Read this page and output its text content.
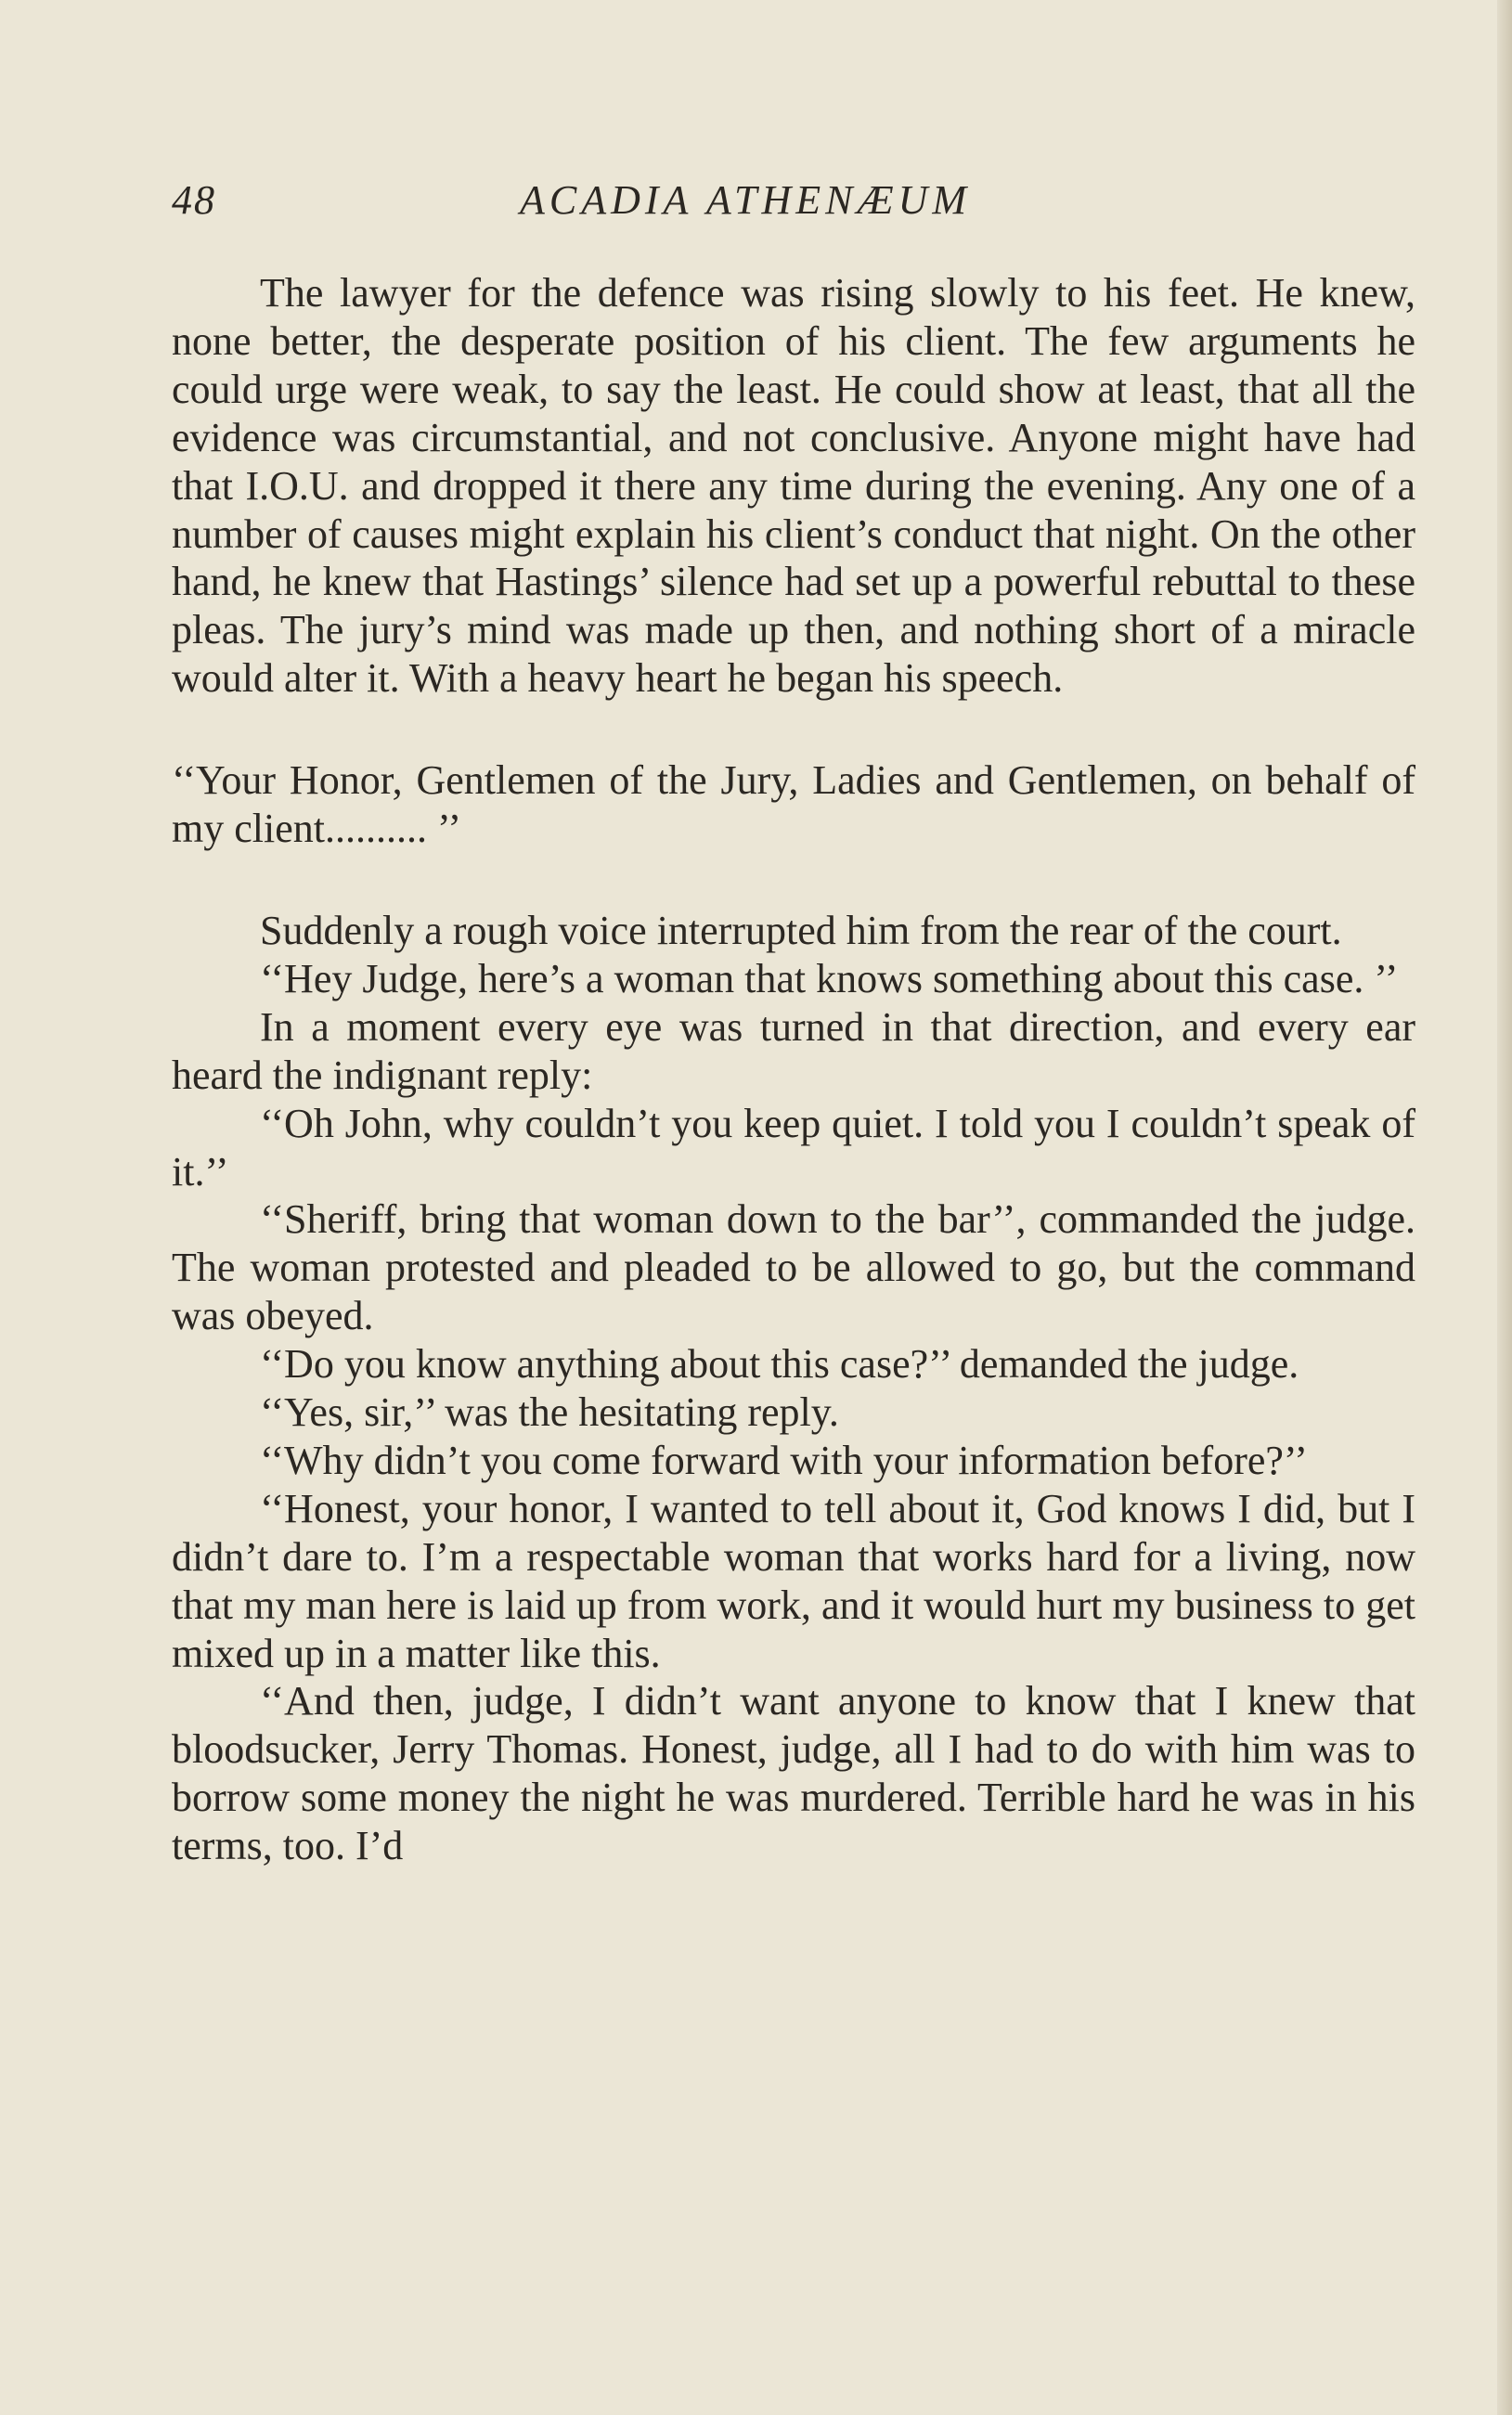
48	ACADIA ATHENÆUM

The lawyer for the defence was rising slowly to his feet. He knew, none better, the desperate position of his client. The few arguments he could urge were weak, to say the least. He could show at least, that all the evidence was circumstantial, and not conclusive. Anyone might have had that I.O.U. and dropped it there any time during the evening. Any one of a number of causes might explain his client’s conduct that night. On the other hand, he knew that Hastings’ silence had set up a powerful rebuttal to these pleas. The jury’s mind was made up then, and nothing short of a miracle would alter it. With a heavy heart he began his speech.

‘‘Your Honor, Gentlemen of the Jury, Ladies and Gentlemen, on behalf of my client.......... ’’

Suddenly a rough voice interrupted him from the rear of the court.

‘‘Hey Judge, here’s a woman that knows something about this case. ’’

In a moment every eye was turned in that direction, and every ear heard the indignant reply:

‘‘Oh John, why couldn’t you keep quiet. I told you I couldn’t speak of it.’’

‘‘Sheriff, bring that woman down to the bar’’, commanded the judge. The woman protested and pleaded to be allowed to go, but the command was obeyed.

‘‘Do you know anything about this case?’’ demanded the judge.

‘‘Yes, sir,’’ was the hesitating reply.

‘‘Why didn’t you come forward with your information before?’’

‘‘Honest, your honor, I wanted to tell about it, God knows I did, but I didn’t dare to. I’m a respectable woman that works hard for a living, now that my man here is laid up from work, and it would hurt my business to get mixed up in a matter like this.

‘‘And then, judge, I didn’t want anyone to know that I knew that bloodsucker, Jerry Thomas. Honest, judge, all I had to do with him was to borrow some money the night he was murdered. Terrible hard he was in his terms, too. I’d
